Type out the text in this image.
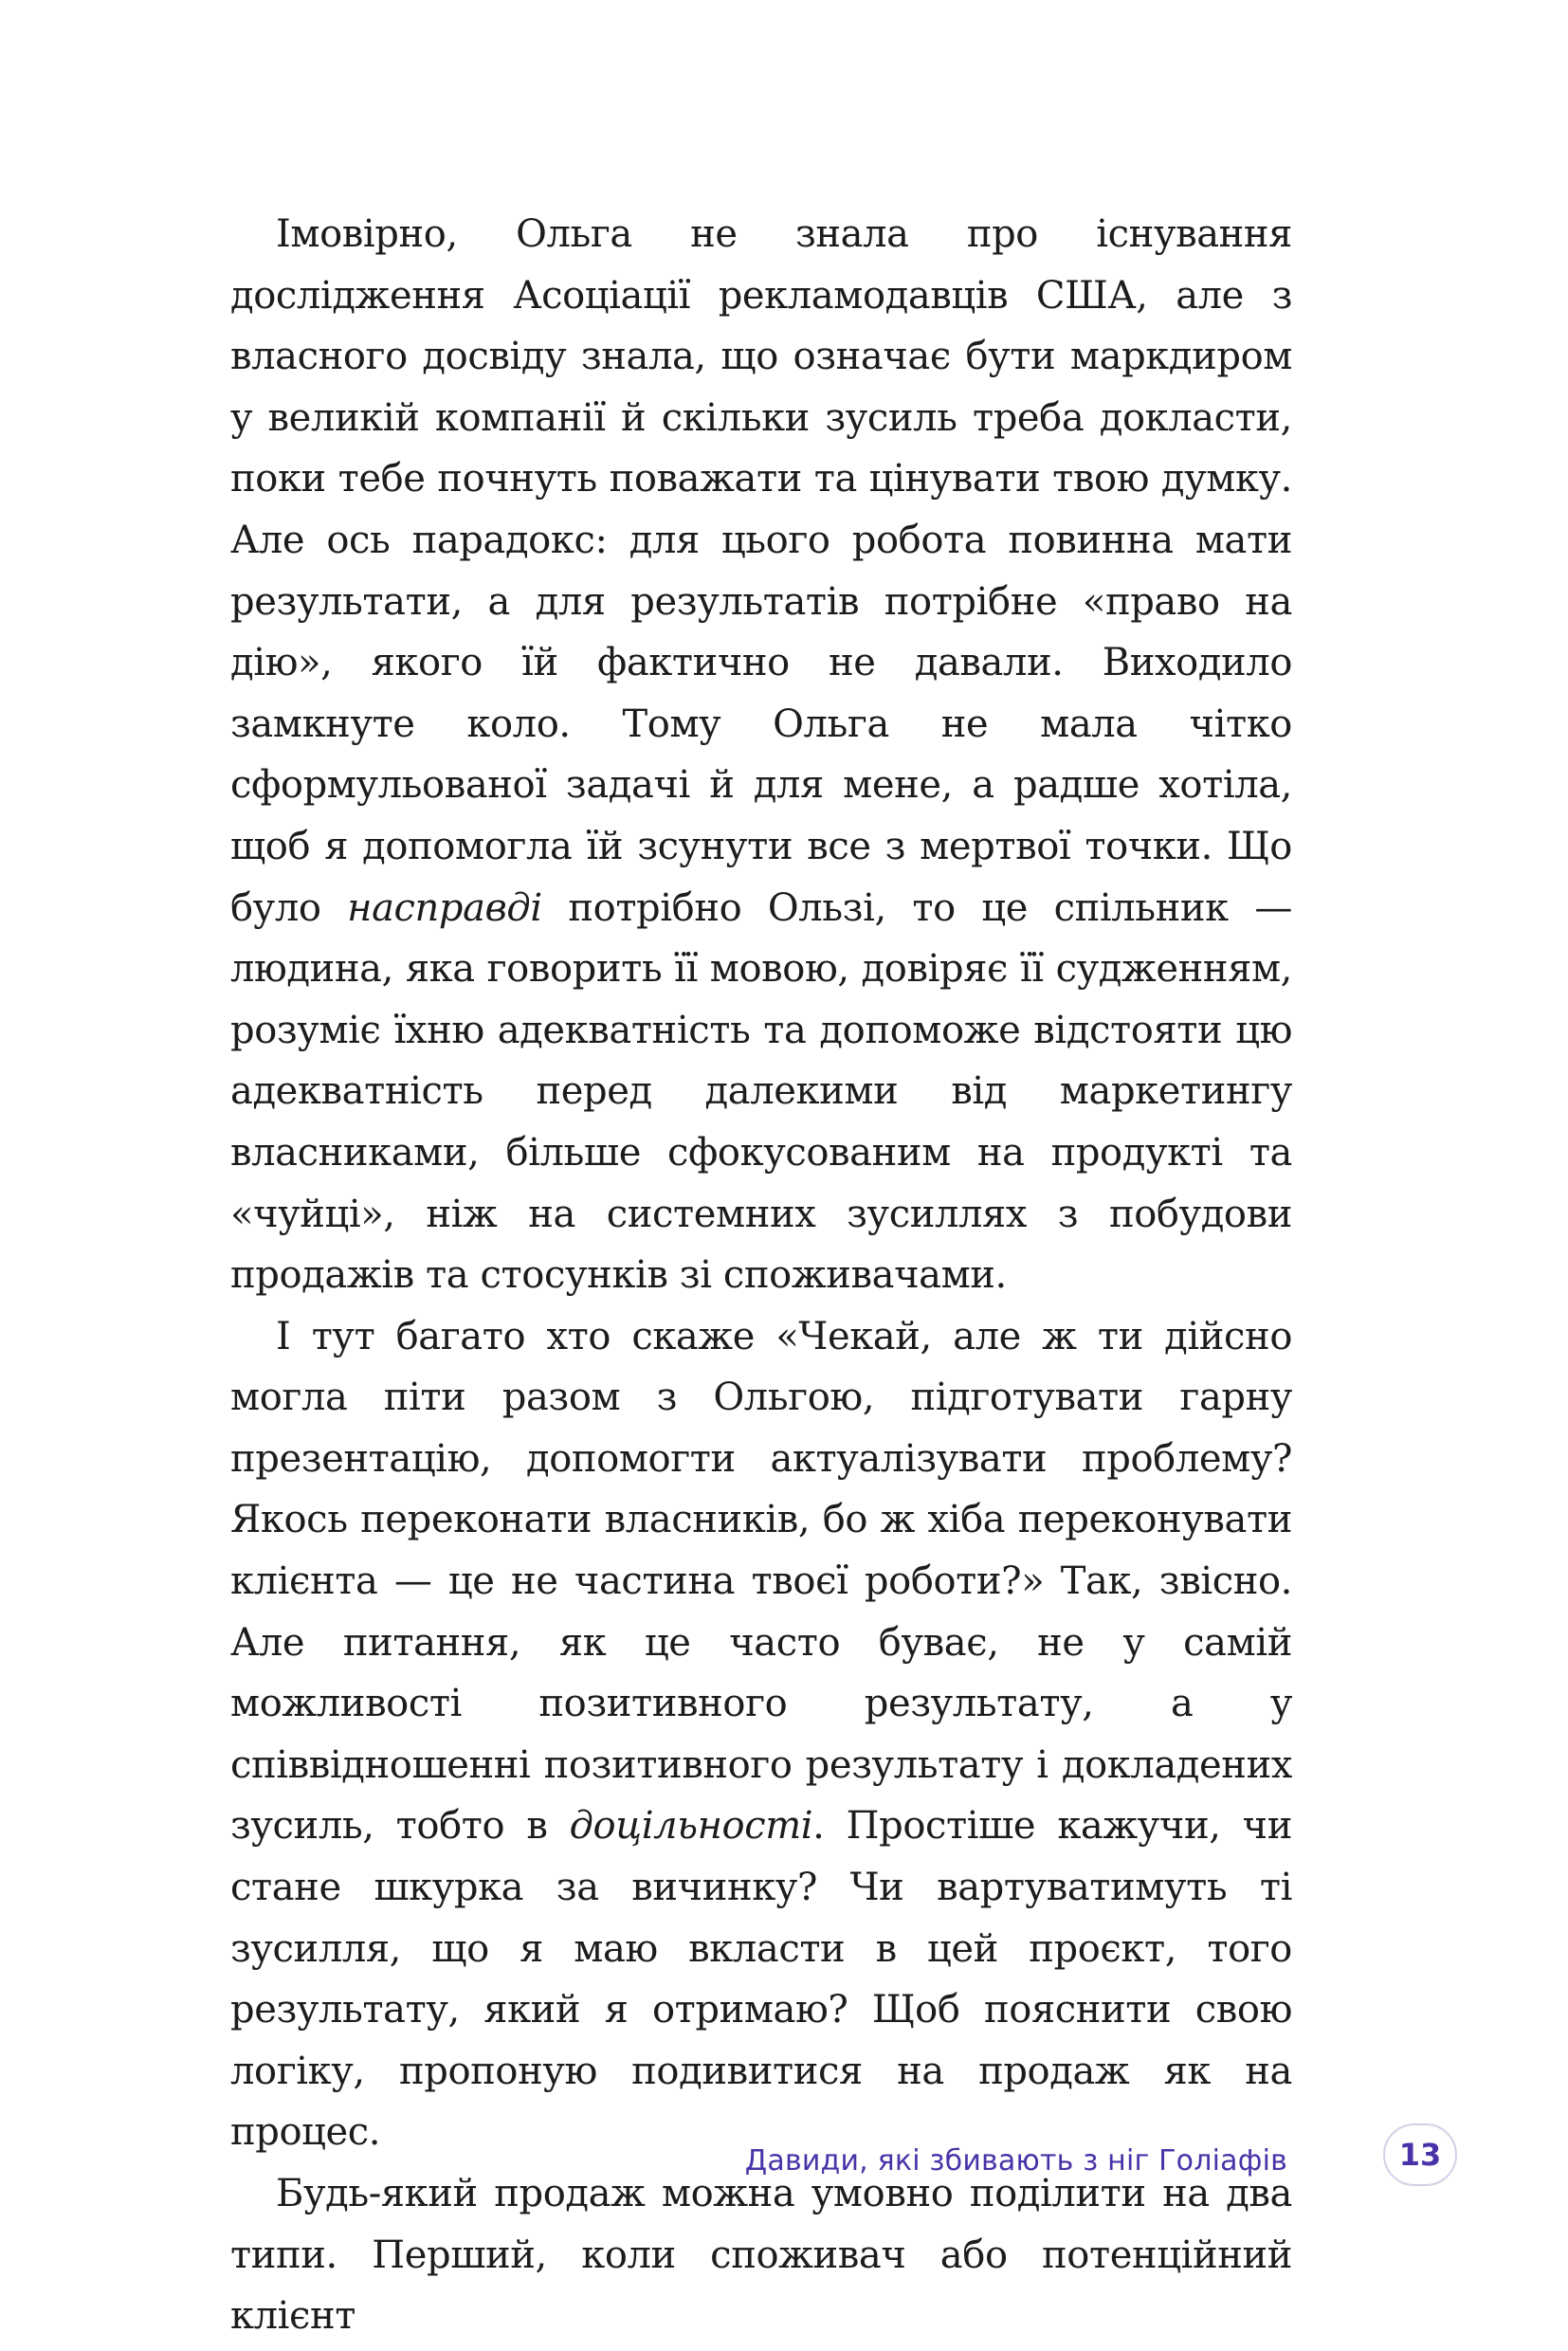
Імовірно, Ольга не знала про існування дослідження Асоціації рекламодавців США, але з власного досвіду знала, що означає бути маркдиром у великій компанії й скільки зусиль треба докласти, поки тебе почнуть поважати та цінувати твою думку. Але ось парадокс: для цього робота повинна мати результати, а для результатів потрібне «право на дію», якого їй фактично не давали. Виходило замкнуте коло. Тому Ольга не мала чітко сформульованої задачі й для мене, а радше хотіла, щоб я допомогла їй зсунути все з мертвої точки. Що було насправді потрібно Ользі, то це спільник — людина, яка говорить її мовою, довіряє її судженням, розуміє їхню адекватність та допоможе відстояти цю адекватність перед далекими від маркетингу власниками, більше сфокусованим на продукті та «чуйці», ніж на системних зусиллях з побудови продажів та стосунків зі споживачами.

І тут багато хто скаже «Чекай, але ж ти дійсно могла піти разом з Ольгою, підготувати гарну презентацію, допомогти актуалізувати проблему? Якось переконати власників, бо ж хіба переконувати клієнта — це не частина твоєї роботи?» Так, звісно. Але питання, як це часто буває, не у самій можливості позитивного результату, а у співвідношенні позитивного результату і докладених зусиль, тобто в доцільності. Простіше кажучи, чи стане шкурка за вичинку? Чи вартуватимуть ті зусилля, що я маю вкласти в цей проєкт, того результату, який я отримаю? Щоб пояснити свою логіку, пропоную подивитися на продаж як на процес.

Будь-який продаж можна умовно поділити на два типи. Перший, коли споживач або потенційний клієнт

Давиди, які збивають з ніг Голіафів	13
